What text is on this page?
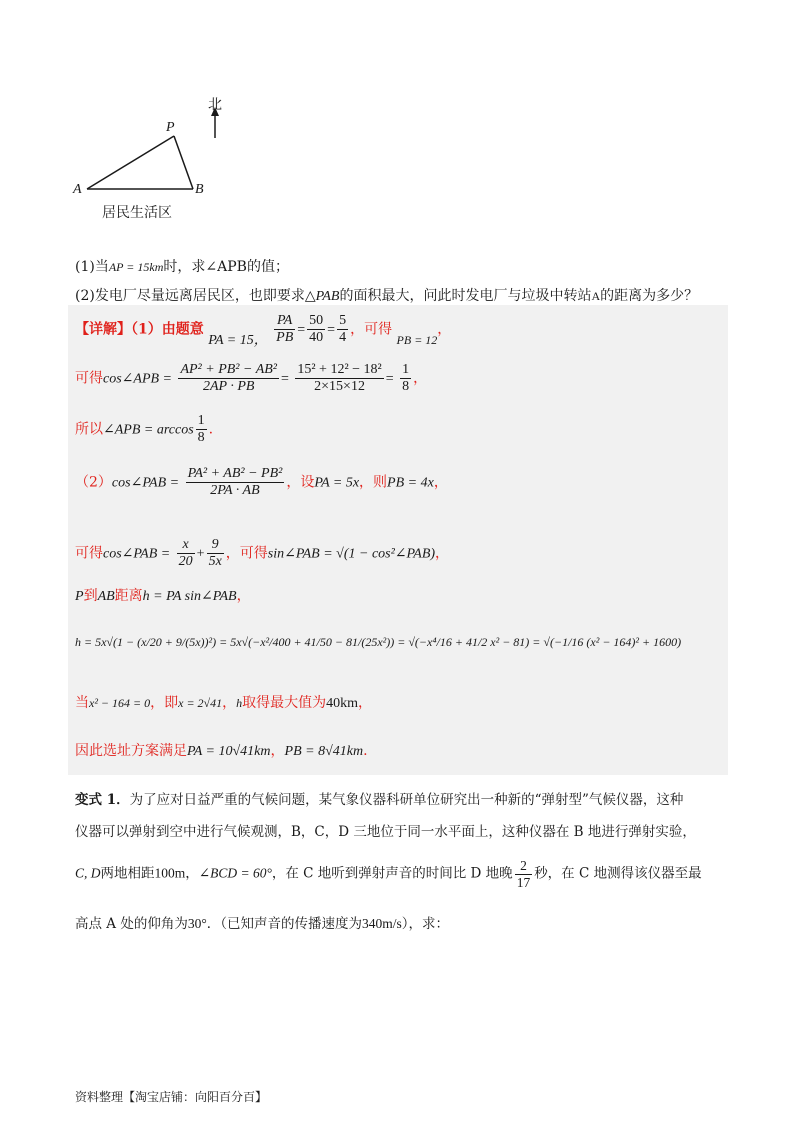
北
P
A	B
居民生活区
(1)当AP = 15km时，求∠APB的值；
(2)发电厂尽量远离居民区，也即要求△PAB的面积最大，问此时发电厂与垃圾中转站A的距离为多少？
【详解】（1）由题意 PA = 15， $\frac{PA}{PB} = \frac{50}{40} = \frac{5}{4}$ ，可得 PB = 12，
可得cos∠APB = $\frac{\text{AP² + PB² − AB²}}{2AP \cdot PB} = \frac{\text{15² + 12² − 18²}}{2\times 15\times 12} = \frac{1}{8}$ ，
所以∠APB = $\arccos \frac{1}{8}$ .
（2）cos∠PAB = $\frac{\text{PA² + AB² − PB²}}{2PA \cdot AB}$ ，设PA = 5x，则PB = 4x，
可得cos∠PAB = $\frac{x}{20} + \frac{9}{5x}$ ，可得sin∠PAB = √(1 − cos²∠PAB)，
P到AB距离h = PA sin∠PAB，
h = 5x√(1 − (x/20 + 9/(5x))²) = 5x√(−x²/400 + 41/50 − 81/(25x²)) = √(−x⁴/16 + 41/2 x² − 81) = √(−1/16 (x² − 164)² + 1600)
当x² − 164 = 0，即x = 2√41，h取得最大值为40km，
因此选址方案满足PA = 10√41km，PB = 8√41km.
变式 1．为了应对日益严重的气候问题，某气象仪器科研单位研究出一种新的“弹射型”气候仪器，这种
仪器可以弹射到空中进行气候观测，B，C，D 三地位于同一水平面上，这种仪器在 B 地进行弹射实验，
C, D两地相距100m，∠BCD = 60°，在 C 地听到弹射声音的时间比 D 地晚 $\frac{2}{17}$ 秒，在 C 地测得该仪器至最
高点 A 处的仰角为30°．（已知声音的传播速度为340m/s），求：
资料整理【淘宝店铺：向阳百分百】
